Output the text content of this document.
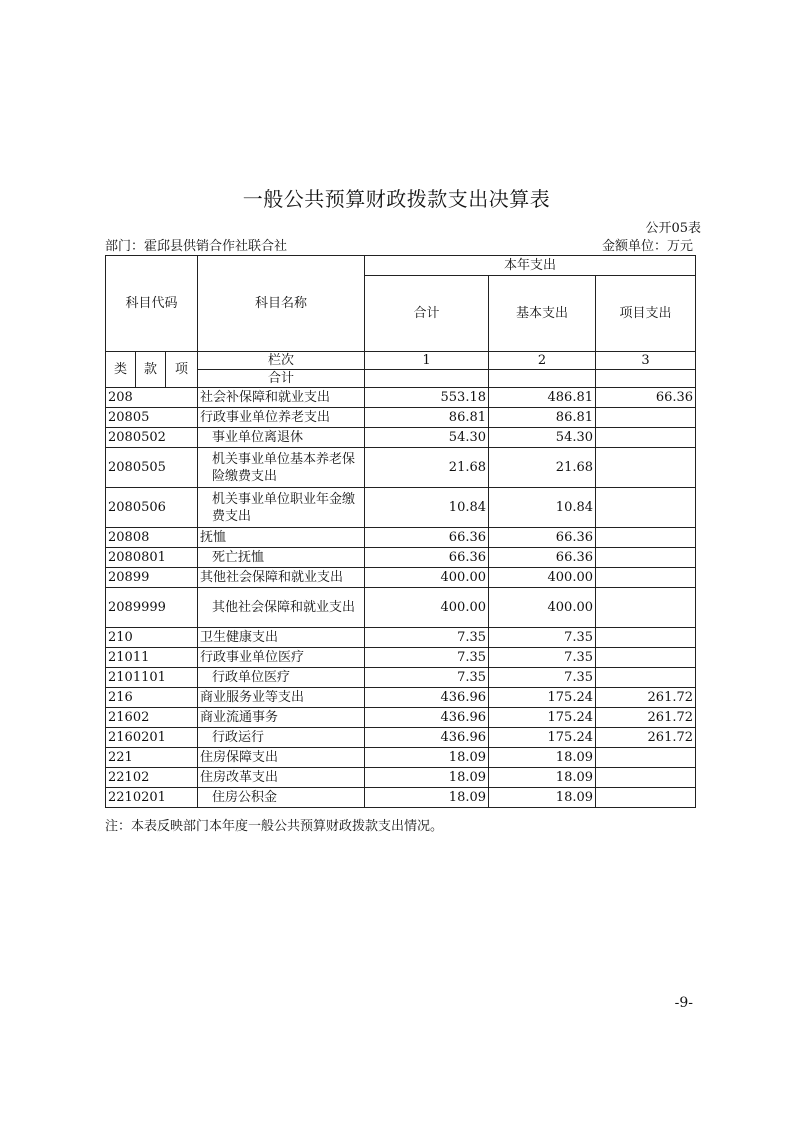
一般公共预算财政拨款支出决算表
公开05表
部门：霍邱县供销合作社联合社	金额单位：万元
科目代码			科目名称	本年支出		
				合计	基本支出	项目支出
类	款	项	栏次	1	2	3
			合计			
208			社会补保障和就业支出	553.18	486.81	66.36
20805			行政事业单位养老支出	86.81	86.81	
2080502			事业单位离退休	54.30	54.30	
2080505			机关事业单位基本养老保险缴费支出	21.68	21.68	
2080506			机关事业单位职业年金缴费支出	10.84	10.84	
20808			抚恤	66.36	66.36	
2080801			死亡抚恤	66.36	66.36	
20899			其他社会保障和就业支出	400.00	400.00	
2089999			其他社会保障和就业支出	400.00	400.00	
210			卫生健康支出	7.35	7.35	
21011			行政事业单位医疗	7.35	7.35	
2101101			行政单位医疗	7.35	7.35	
216			商业服务业等支出	436.96	175.24	261.72
21602			商业流通事务	436.96	175.24	261.72
2160201			行政运行	436.96	175.24	261.72
221			住房保障支出	18.09	18.09	
22102			住房改革支出	18.09	18.09	
2210201			住房公积金	18.09	18.09	
注：本表反映部门本年度一般公共预算财政拨款支出情况。
-9-
